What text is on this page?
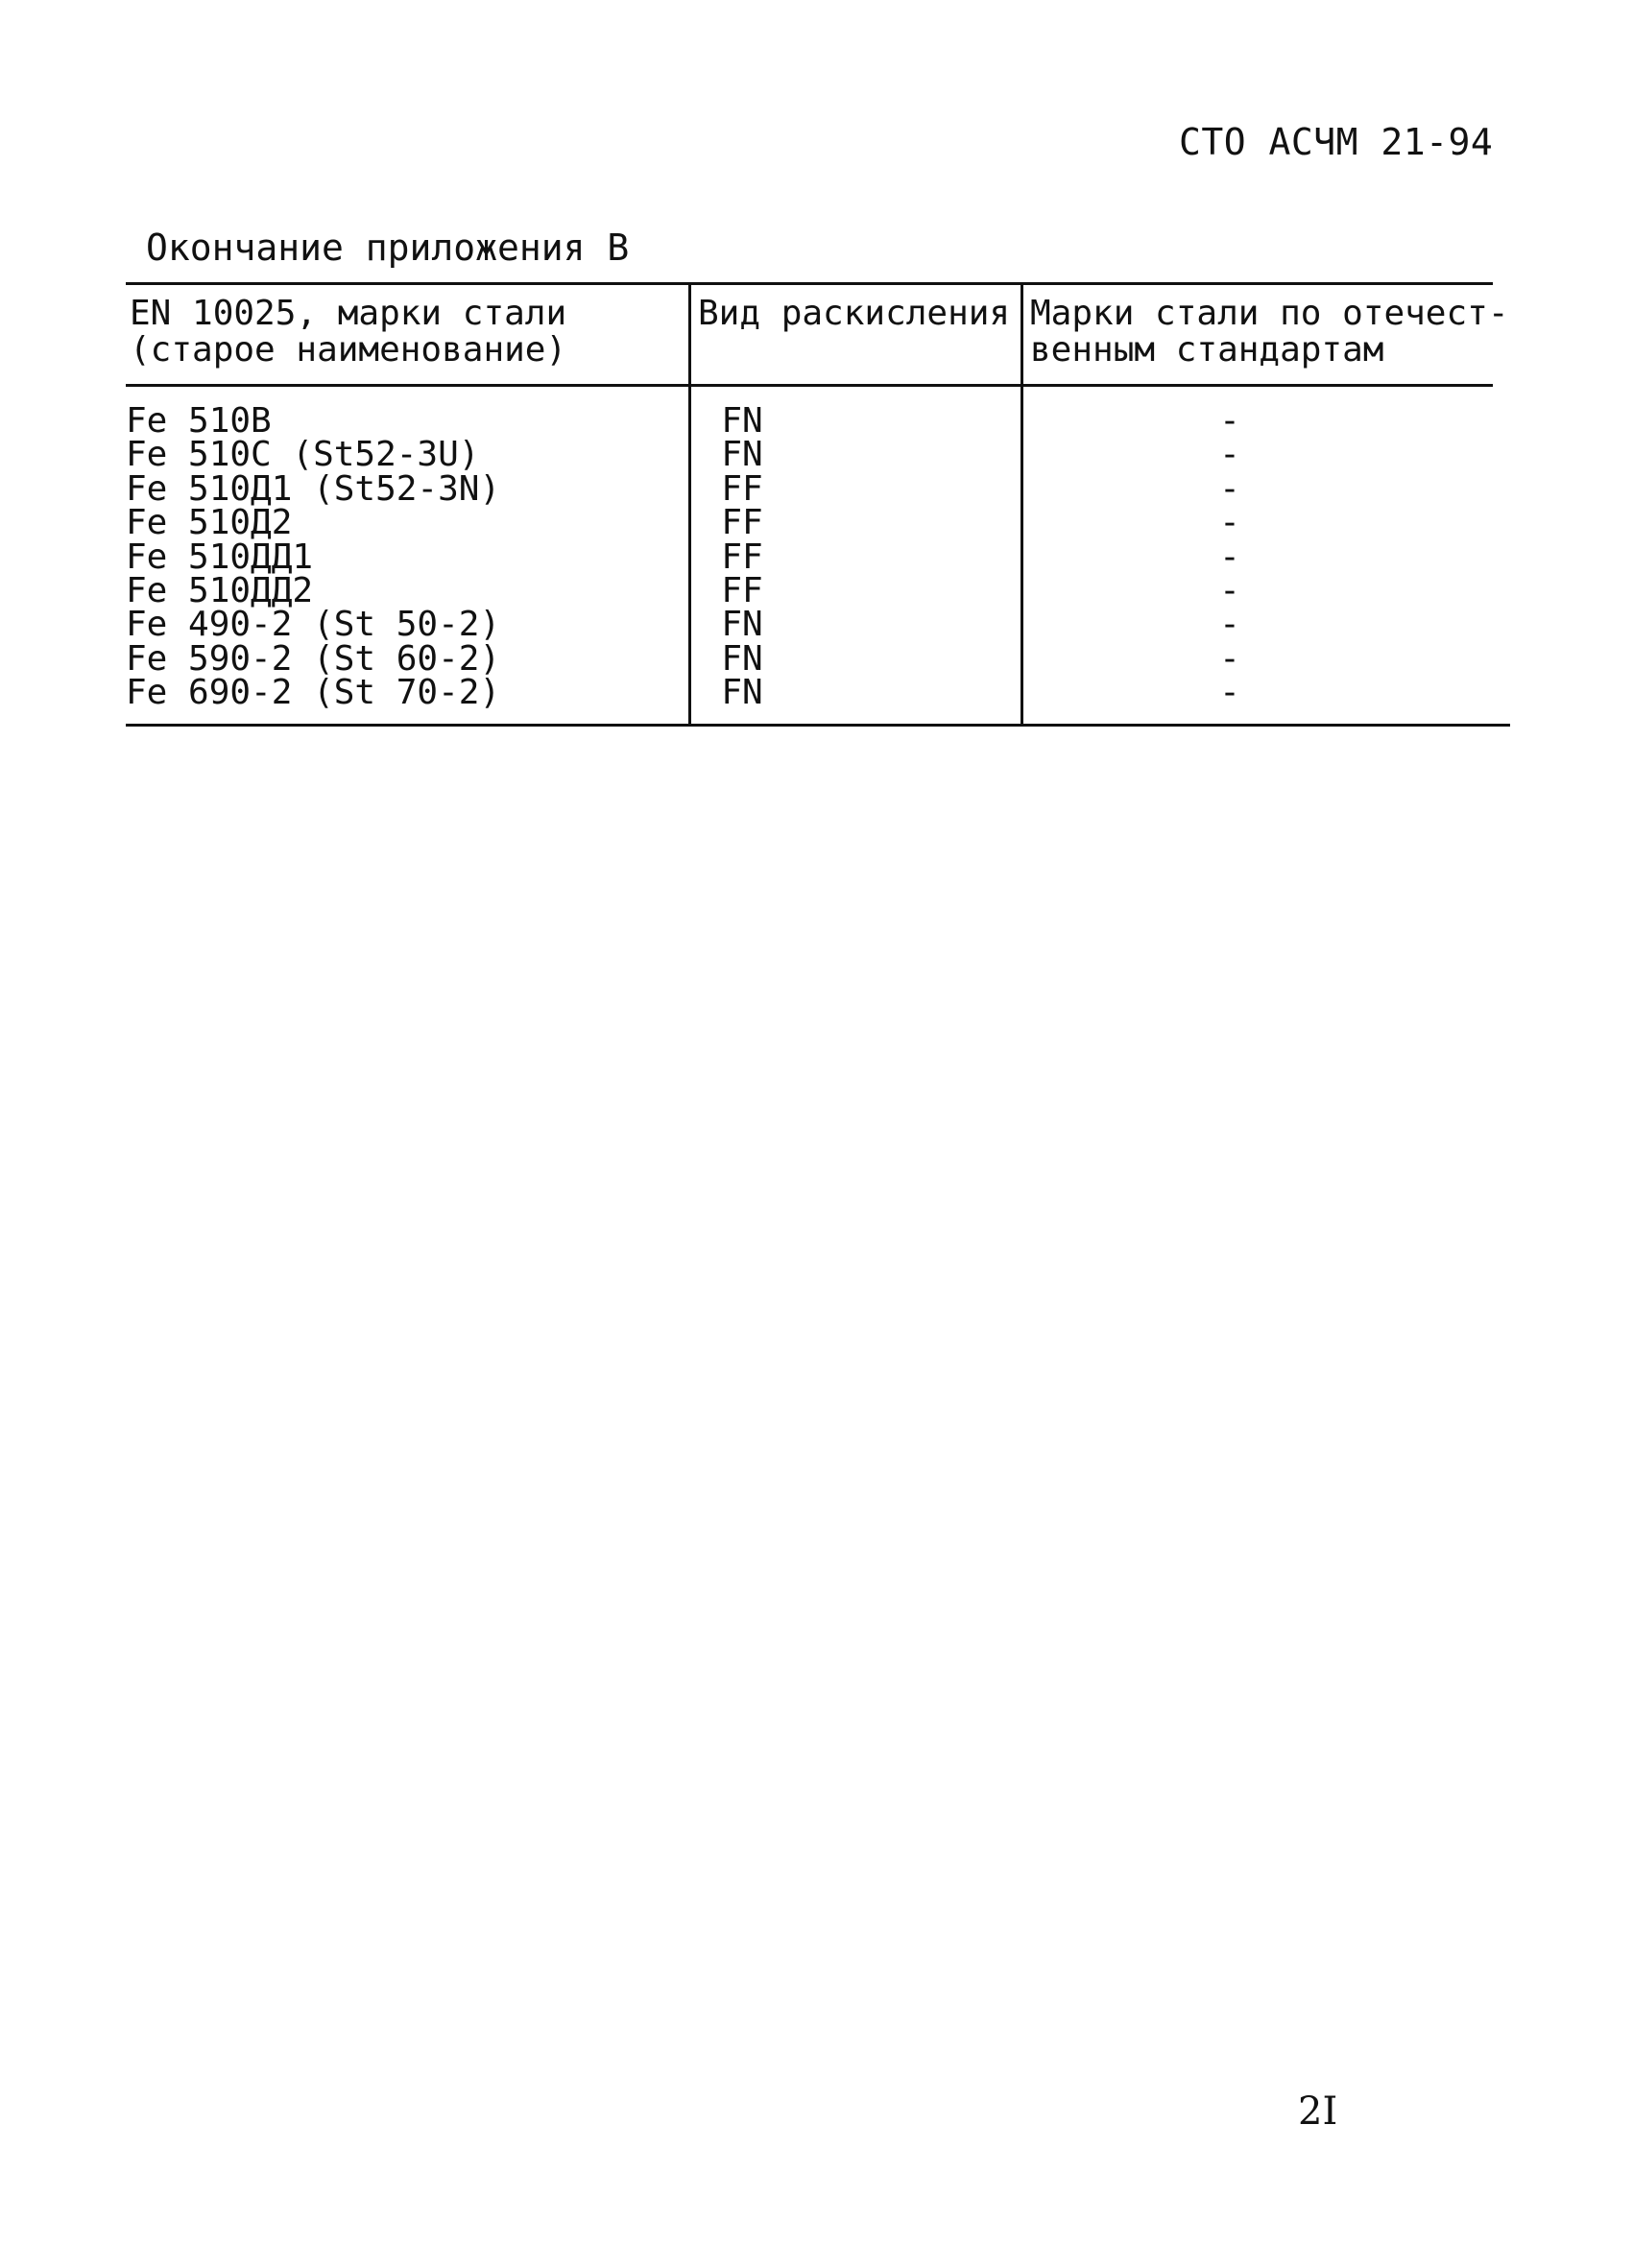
СТО АСЧМ 21-94
Окончание приложения В
EN 10025, марки стали
(старое наименование)
Вид раскисления Марки стали по отечест-
венным стандартам
Fe 510B
Fe 510C (St52-3U)
Fe 510Д1 (St52-3N)
Fe 510Д2
Fe 510ДД1
Fe 510ДД2
Fe 490-2 (St 50-2)
Fe 590-2 (St 60-2)
Fe 690-2 (St 70-2)
FN
FN
FF
FF
FF
FF
FN
FN
FN
-
-
-
-
-
-
-
-
-
2I
